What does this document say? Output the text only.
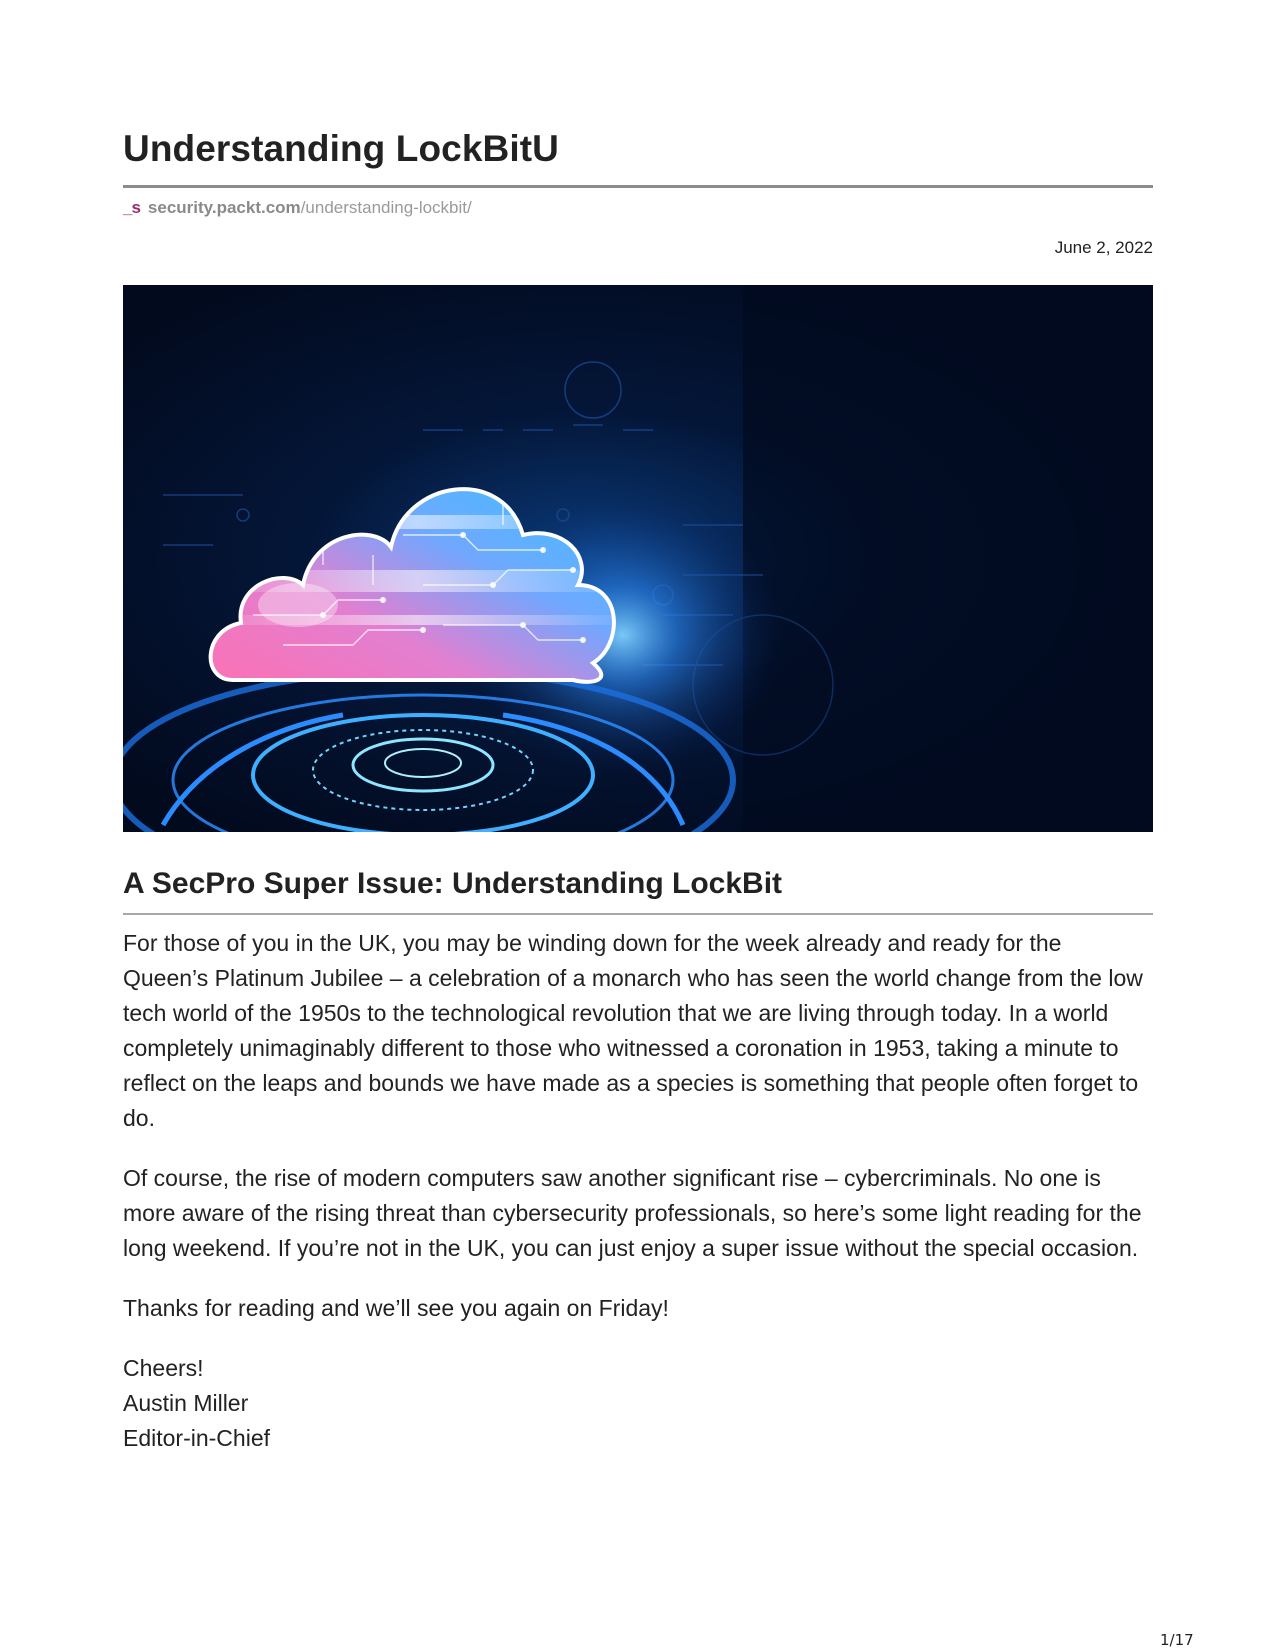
Understanding LockBitU
_s security.packt.com /understanding-lockbit/
June 2, 2022
A SecPro Super Issue: Understanding LockBit

For those of you in the UK, you may be winding down for the week already and ready for the Queen’s Platinum Jubilee – a celebration of a monarch who has seen the world change from the low tech world of the 1950s to the technological revolution that we are living through today. In a world completely unimaginably different to those who witnessed a coronation in 1953, taking a minute to reflect on the leaps and bounds we have made as a species is something that people often forget to do.

Of course, the rise of modern computers saw another significant rise – cybercriminals. No one is more aware of the rising threat than cybersecurity professionals, so here’s some light reading for the long weekend. If you’re not in the UK, you can just enjoy a super issue without the special occasion.

Thanks for reading and we’ll see you again on Friday!

Cheers!
Austin Miller
Editor-in-Chief
1/17
